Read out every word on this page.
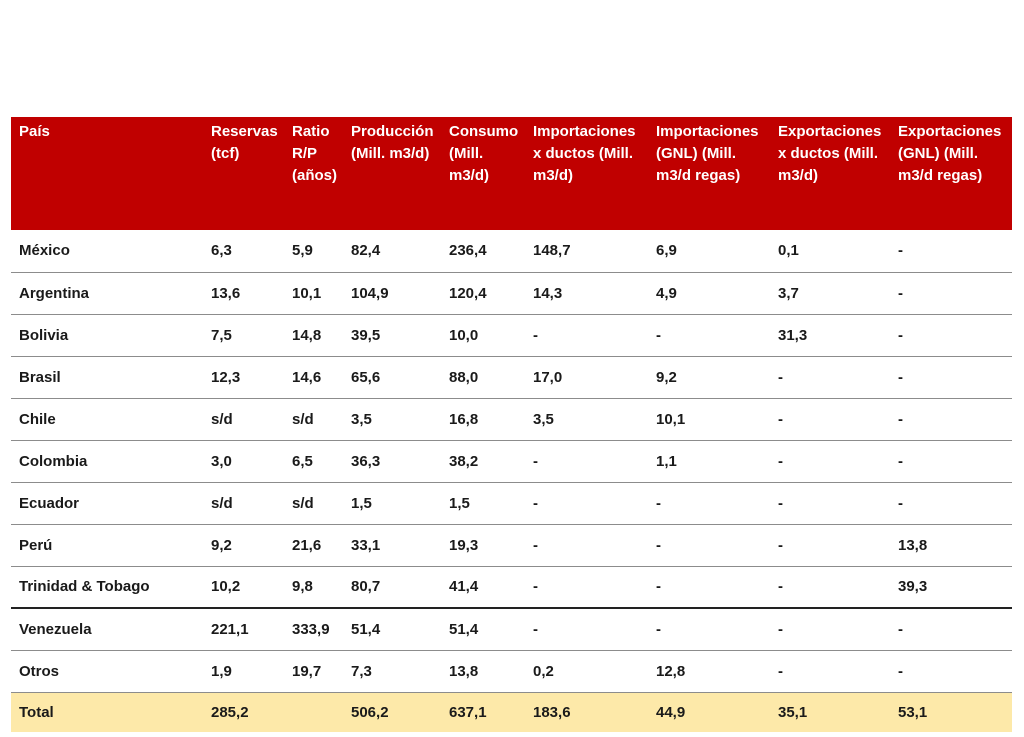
País	Reservas (tcf)	Ratio R/P (años)	Producción (Mill. m3/d)	Consumo (Mill. m3/d)	Importaciones x ductos (Mill. m3/d)	Importaciones (GNL) (Mill. m3/d regas)	Exportaciones x ductos (Mill. m3/d)	Exportaciones (GNL) (Mill. m3/d regas)

México	6,3	5,9	82,4	236,4	148,7	6,9	0,1	-
Argentina	13,6	10,1	104,9	120,4	14,3	4,9	3,7	-
Bolivia	7,5	14,8	39,5	10,0	-	-	31,3	-
Brasil	12,3	14,6	65,6	88,0	17,0	9,2	-	-
Chile	s/d	s/d	3,5	16,8	3,5	10,1	-	-
Colombia	3,0	6,5	36,3	38,2	-	1,1	-	-
Ecuador	s/d	s/d	1,5	1,5	-	-	-	-
Perú	9,2	21,6	33,1	19,3	-	-	-	13,8
Trinidad & Tobago	10,2	9,8	80,7	41,4	-	-	-	39,3
Venezuela	221,1	333,9	51,4	51,4	-	-	-	-
Otros	1,9	19,7	7,3	13,8	0,2	12,8	-	-
Total	285,2		506,2	637,1	183,6	44,9	35,1	53,1
